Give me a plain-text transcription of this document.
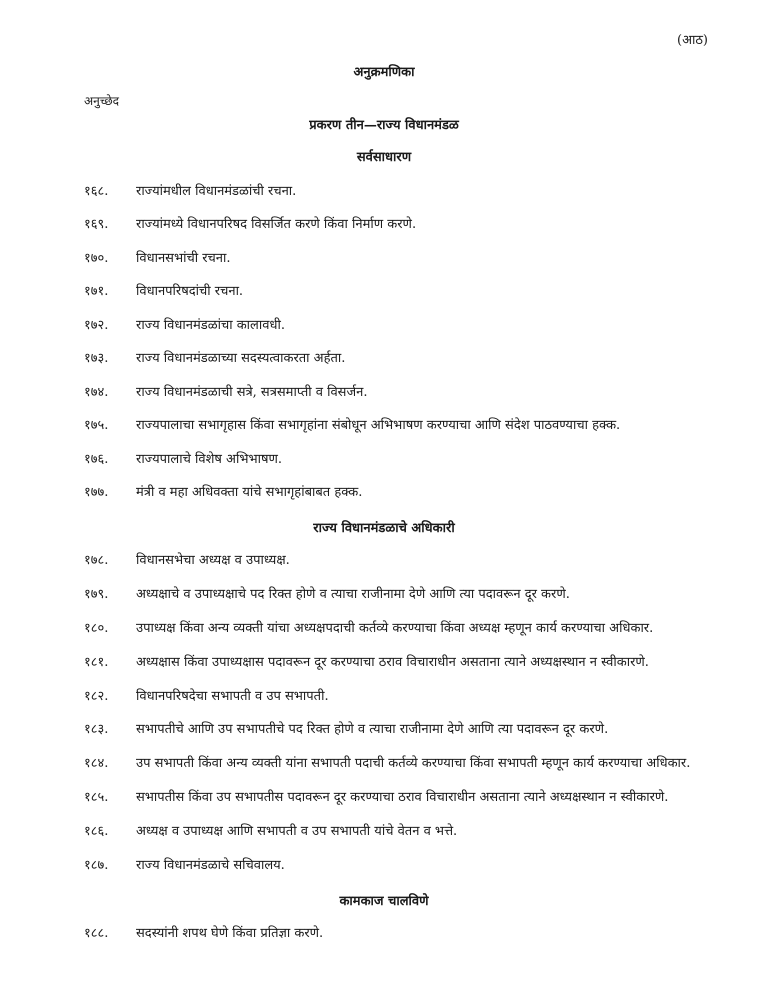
(आठ)
अनुक्रमणिका
अनुच्छेद
प्रकरण तीन—राज्य विधानमंडळ
सर्वसाधारण
१६८.	राज्यांमधील विधानमंडळांची रचना.
१६९.	राज्यांमध्ये विधानपरिषद विसर्जित करणे किंवा निर्माण करणे.
१७०.	विधानसभांची रचना.
१७१.	विधानपरिषदांची रचना.
१७२.	राज्य विधानमंडळांचा कालावधी.
१७३.	राज्य विधानमंडळाच्या सदस्यत्वाकरता अर्हता.
१७४.	राज्य विधानमंडळाची सत्रे, सत्रसमाप्ती व विसर्जन.
१७५.	राज्यपालाचा सभागृहास किंवा सभागृहांना संबोधून अभिभाषण करण्याचा आणि संदेश पाठवण्याचा हक्क.
१७६.	राज्यपालाचे विशेष अभिभाषण.
१७७.	मंत्री व महा अधिवक्ता यांचे सभागृहांबाबत हक्क.
राज्य विधानमंडळाचे अधिकारी
१७८.	विधानसभेचा अध्यक्ष व उपाध्यक्ष.
१७९.	अध्यक्षाचे व उपाध्यक्षाचे पद रिक्त होणे व त्याचा राजीनामा देणे आणि त्या पदावरून दूर करणे.
१८०.	उपाध्यक्ष किंवा अन्य व्यक्ती यांचा अध्यक्षपदाची कर्तव्ये करण्याचा किंवा अध्यक्ष म्हणून कार्य करण्याचा अधिकार.
१८१.	अध्यक्षास किंवा उपाध्यक्षास पदावरून दूर करण्याचा ठराव विचाराधीन असताना त्याने अध्यक्षस्थान न स्वीकारणे.
१८२.	विधानपरिषदेचा सभापती व उप सभापती.
१८३.	सभापतीचे आणि उप सभापतीचे पद रिक्त होणे व त्याचा राजीनामा देणे आणि त्या पदावरून दूर करणे.
१८४.	उप सभापती किंवा अन्य व्यक्ती यांना सभापती पदाची कर्तव्ये करण्याचा किंवा सभापती म्हणून कार्य करण्याचा अधिकार.
१८५.	सभापतीस किंवा उप सभापतीस पदावरून दूर करण्याचा ठराव विचाराधीन असताना त्याने अध्यक्षस्थान न स्वीकारणे.
१८६.	अध्यक्ष व उपाध्यक्ष आणि सभापती व उप सभापती यांचे वेतन व भत्ते.
१८७.	राज्य विधानमंडळाचे सचिवालय.
कामकाज चालविणे
१८८.	सदस्यांनी शपथ घेणे किंवा प्रतिज्ञा करणे.
